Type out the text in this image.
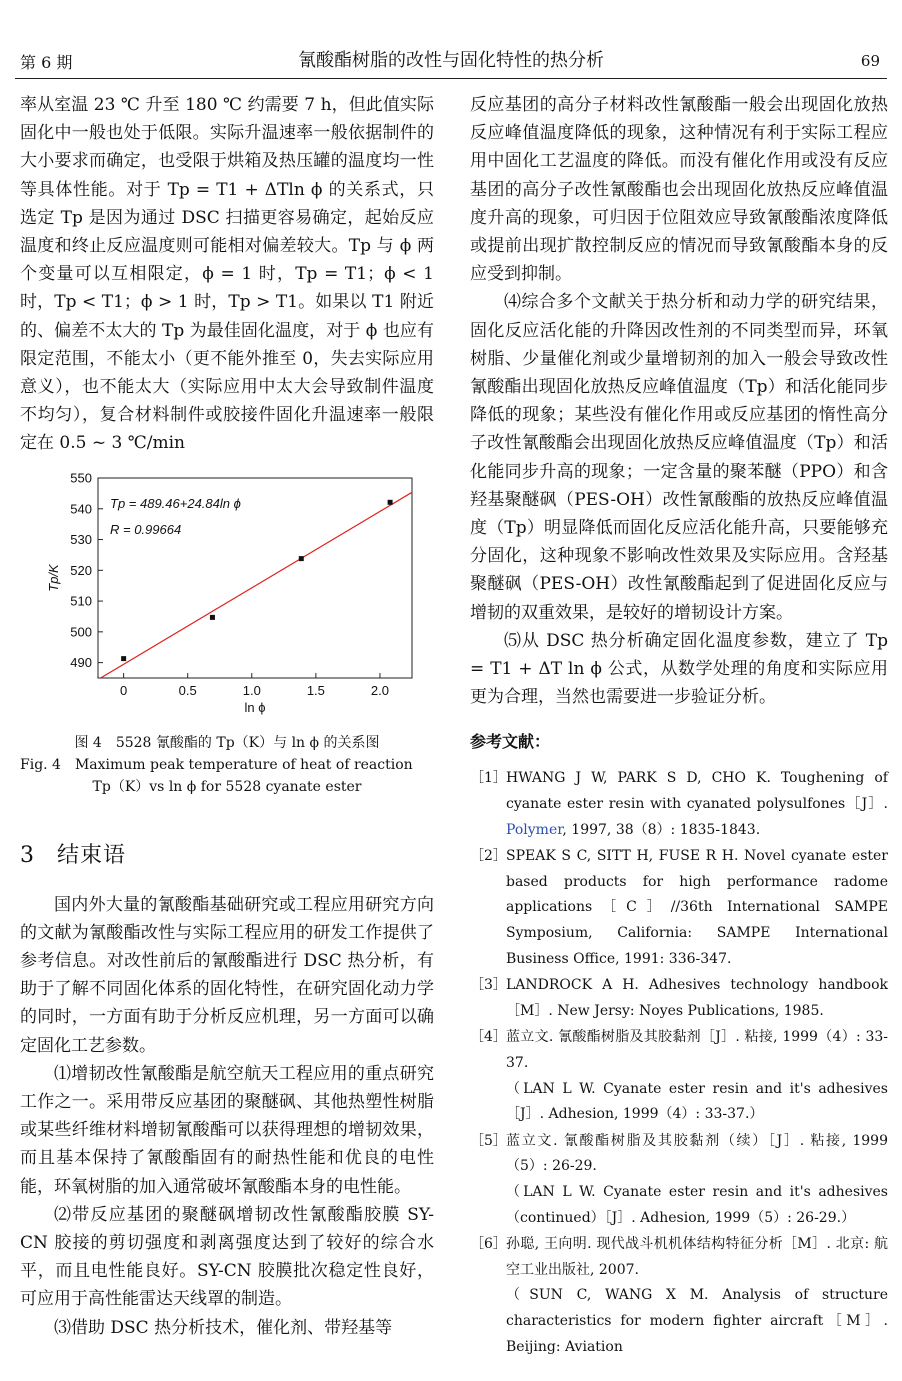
第 6 期	氰酸酯树脂的改性与固化特性的热分析	69

率从室温 23 ℃ 升至 180 ℃ 约需要 7 h，但此值实际固化中一般也处于低限。实际升温速率一般依据制件的大小要求而确定，也受限于烘箱及热压罐的温度均一性等具体性能。对于 Tp = T1 + ΔTln ϕ 的关系式，只选定 Tp 是因为通过 DSC 扫描更容易确定，起始反应温度和终止反应温度则可能相对偏差较大。Tp 与 ϕ 两个变量可以互相限定，ϕ = 1 时，Tp = T1；ϕ < 1 时，Tp < T1；ϕ > 1 时，Tp > T1。如果以 T1 附近的、偏差不太大的 Tp 为最佳固化温度，对于 ϕ 也应有限定范围，不能太小（更不能外推至 0，失去实际应用意义），也不能太大（实际应用中太大会导致制件温度不均匀），复合材料制件或胶接件固化升温速率一般限定在 0.5 ~ 3 ℃/min

490
500
510
520
530
540
550
0	0.5	1.0	1.5	2.0
Tp = 489.46+24.84ln ϕ
R = 0.99664
ln ϕ
Tp/K
图 4　5528 氰酸酯的 Tp（K）与 ln ϕ 的关系图
Fig. 4　Maximum peak temperature of heat of reaction
Tp（K）vs ln ϕ for 5528 cyanate ester
3 结束语

国内外大量的氰酸酯基础研究或工程应用研究方向的文献为氰酸酯改性与实际工程应用的研发工作提供了参考信息。对改性前后的氰酸酯进行 DSC 热分析，有助于了解不同固化体系的固化特性，在研究固化动力学的同时，一方面有助于分析反应机理，另一方面可以确定固化工艺参数。

⑴增韧改性氰酸酯是航空航天工程应用的重点研究工作之一。采用带反应基团的聚醚砜、其他热塑性树脂或某些纤维材料增韧氰酸酯可以获得理想的增韧效果，而且基本保持了氰酸酯固有的耐热性能和优良的电性能，环氧树脂的加入通常破坏氰酸酯本身的电性能。

⑵带反应基团的聚醚砜增韧改性氰酸酯胶膜 SY-CN 胶接的剪切强度和剥离强度达到了较好的综合水平，而且电性能良好。SY-CN 胶膜批次稳定性良好，可应用于高性能雷达天线罩的制造。

⑶借助 DSC 热分析技术，催化剂、带羟基等

反应基团的高分子材料改性氰酸酯一般会出现固化放热反应峰值温度降低的现象，这种情况有利于实际工程应用中固化工艺温度的降低。而没有催化作用或没有反应基团的高分子改性氰酸酯也会出现固化放热反应峰值温度升高的现象，可归因于位阻效应导致氰酸酯浓度降低或提前出现扩散控制反应的情况而导致氰酸酯本身的反应受到抑制。

⑷综合多个文献关于热分析和动力学的研究结果，固化反应活化能的升降因改性剂的不同类型而异，环氧树脂、少量催化剂或少量增韧剂的加入一般会导致改性氰酸酯出现固化放热反应峰值温度（Tp）和活化能同步降低的现象；某些没有催化作用或反应基团的惰性高分子改性氰酸酯会出现固化放热反应峰值温度（Tp）和活化能同步升高的现象；一定含量的聚苯醚（PPO）和含羟基聚醚砜（PES-OH）改性氰酸酯的放热反应峰值温度（Tp）明显降低而固化反应活化能升高，只要能够充分固化，这种现象不影响改性效果及实际应用。含羟基聚醚砜（PES-OH）改性氰酸酯起到了促进固化反应与增韧的双重效果，是较好的增韧设计方案。

⑸从 DSC 热分析确定固化温度参数，建立了 Tp = T1 + ΔT ln ϕ 公式，从数学处理的角度和实际应用更为合理，当然也需要进一步验证分析。

参考文献：
［1］ HWANG J W, PARK S D, CHO K. Toughening of cyanate ester resin with cyanated polysulfones［J］. Polymer, 1997, 38（8）: 1835-1843.
［2］ SPEAK S C, SITT H, FUSE R H. Novel cyanate ester based products for high performance radome applications［C］//36th International SAMPE Symposium, California: SAMPE International Business Office, 1991: 336-347.
［3］ LANDROCK A H. Adhesives technology handbook［M］. New Jersy: Noyes Publications, 1985.
［4］ 蓝立文. 氰酸酯树脂及其胶黏剂［J］. 粘接, 1999（4）: 33-37.
（LAN L W. Cyanate ester resin and it's adhesives［J］. Adhesion, 1999（4）: 33-37.）
［5］ 蓝立文. 氰酸酯树脂及其胶黏剂（续）［J］. 粘接, 1999（5）: 26-29.
（LAN L W. Cyanate ester resin and it's adhesives（continued）［J］. Adhesion, 1999（5）: 26-29.）
［6］ 孙聪, 王向明. 现代战斗机机体结构特征分析［M］. 北京: 航空工业出版社, 2007.
（SUN C, WANG X M. Analysis of structure characteristics for modern fighter aircraft［M］. Beijing: Aviation
